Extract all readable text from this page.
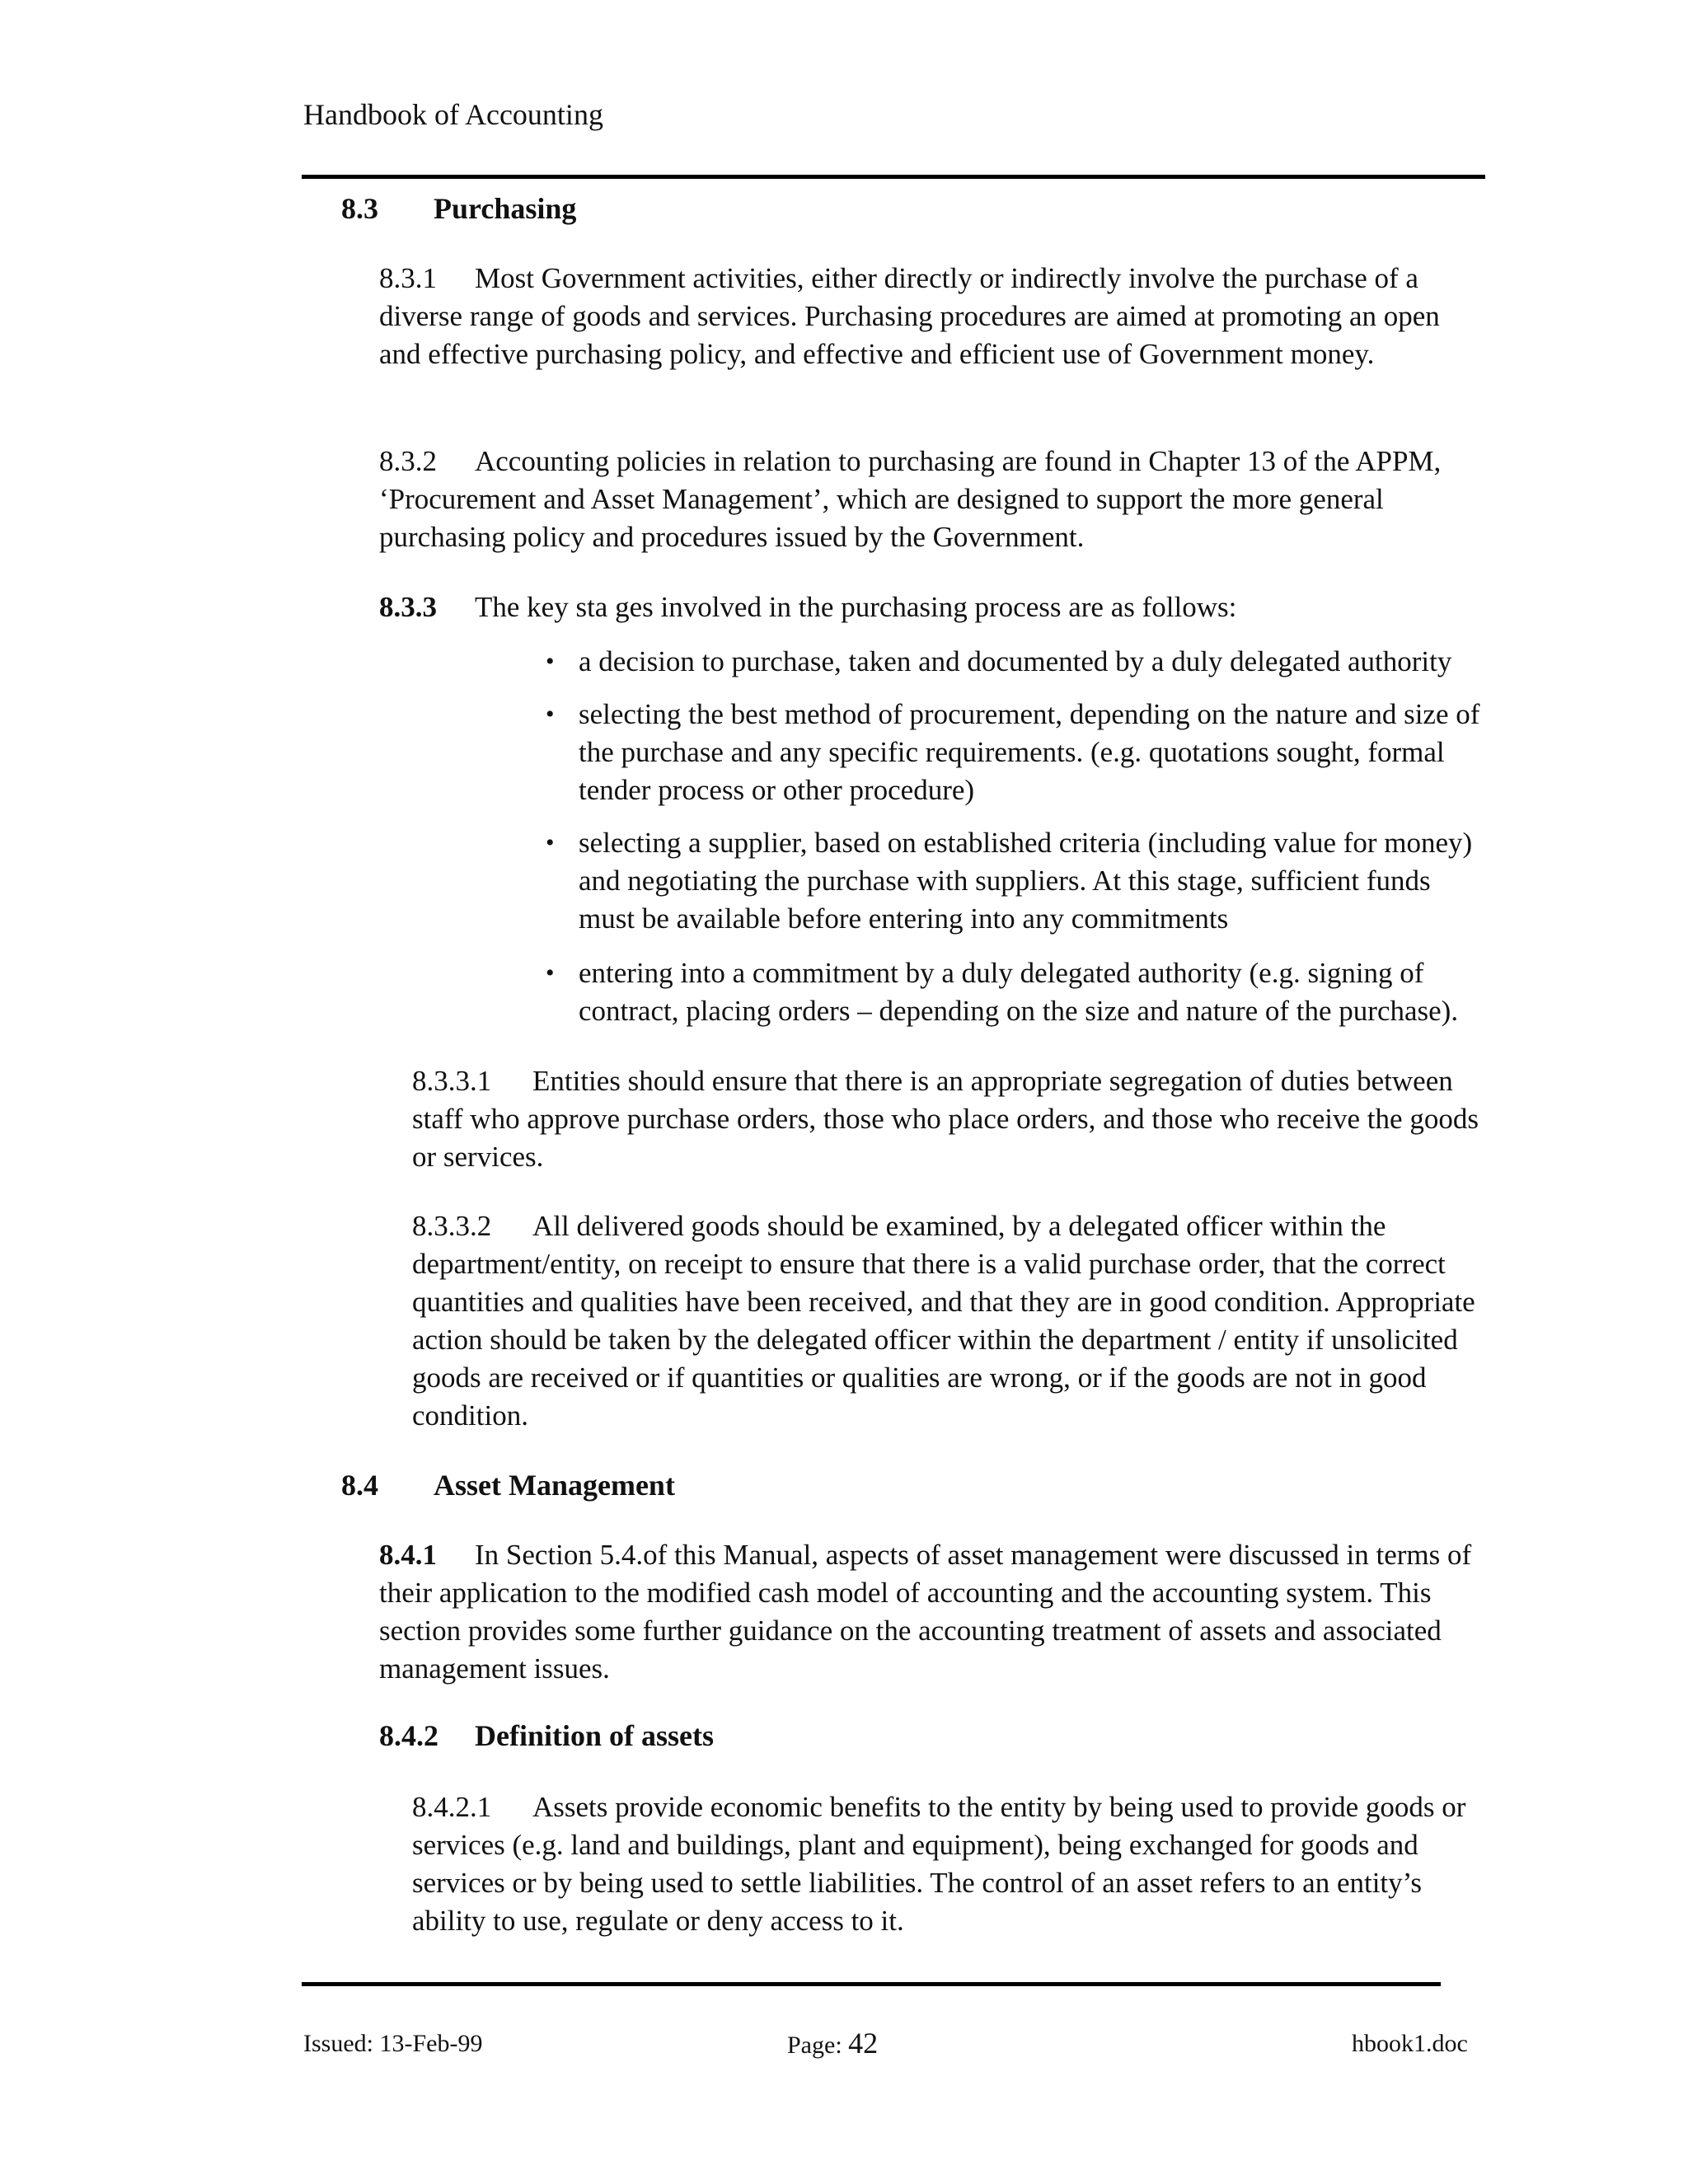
Handbook of Accounting
8.3 Purchasing
8.3.1	Most Government activities, either directly or indirectly involve the purchase of a diverse range of goods and services. Purchasing procedures are aimed at promoting an open and effective purchasing policy, and effective and efficient use of Government money.
8.3.2	Accounting policies in relation to purchasing are found in Chapter 13 of the APPM, ‘Procurement and Asset Management’, which are designed to support the more general purchasing policy and procedures issued by the Government.
8.3.3 The key sta ges involved in the purchasing process are as follows:
• a decision to purchase, taken and documented by a duly delegated authority
• selecting the best method of procurement, depending on the nature and size of the purchase and any specific requirements. (e.g. quotations sought, formal tender process or other procedure)
• selecting a supplier, based on established criteria (including value for money) and negotiating the purchase with suppliers. At this stage, sufficient funds must be available before entering into any commitments
• entering into a commitment by a duly delegated authority (e.g. signing of contract, placing orders – depending on the size and nature of the purchase).
8.3.3.1	Entities should ensure that there is an appropriate segregation of duties between staff who approve purchase orders, those who place orders, and those who receive the goods or services.
8.3.3.2	All delivered goods should be examined, by a delegated officer within the department/entity, on receipt to ensure that there is a valid purchase order, that the correct quantities and qualities have been received, and that they are in good condition. Appropriate action should be taken by the delegated officer within the department / entity if unsolicited goods are received or if quantities or qualities are wrong, or if the goods are not in good condition.
8.4 Asset Management
8.4.1	In Section 5.4.of this Manual, aspects of asset management were discussed in terms of their application to the modified cash model of accounting and the accounting system. This section provides some further guidance on the accounting treatment of assets and associated management issues.
8.4.2 Definition of assets
8.4.2.1	Assets provide economic benefits to the entity by being used to provide goods or services (e.g. land and buildings, plant and equipment), being exchanged for goods and services or by being used to settle liabilities. The control of an asset refers to an entity’s ability to use, regulate or deny access to it.
Issued: 13-Feb-99	Page: 42	hbook1.doc
